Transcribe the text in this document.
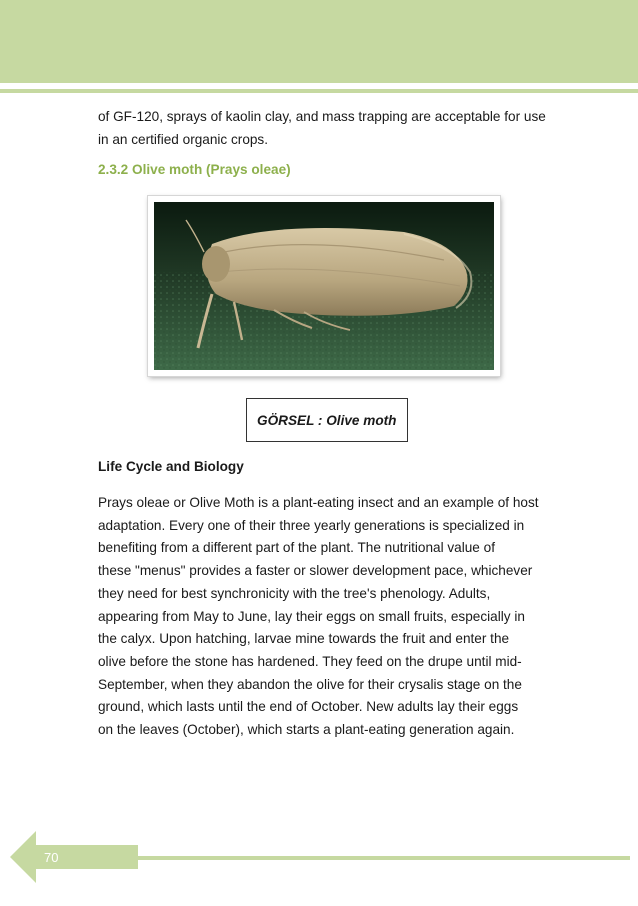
of GF-120, sprays of kaolin clay, and mass trapping are acceptable for use in an certified organic crops.
2.3.2 Olive moth (Prays oleae)
GÖRSEL : Olive moth
Life Cycle and Biology
Prays oleae or Olive Moth is a plant-eating insect and an example of host
adaptation. Every one of their three yearly generations is specialized in
benefiting from a different part of the plant. The nutritional value of
these "menus" provides a faster or slower development pace, whichever
they need for best synchronicity with the tree's phenology. Adults,
appearing from May to June, lay their eggs on small fruits, especially in
the calyx. Upon hatching, larvae mine towards the fruit and enter the
olive before the stone has hardened. They feed on the drupe until mid-
September, when they abandon the olive for their crysalis stage on the
ground, which lasts until the end of October. New adults lay their eggs
on the leaves (October), which starts a plant-eating generation again.
70
